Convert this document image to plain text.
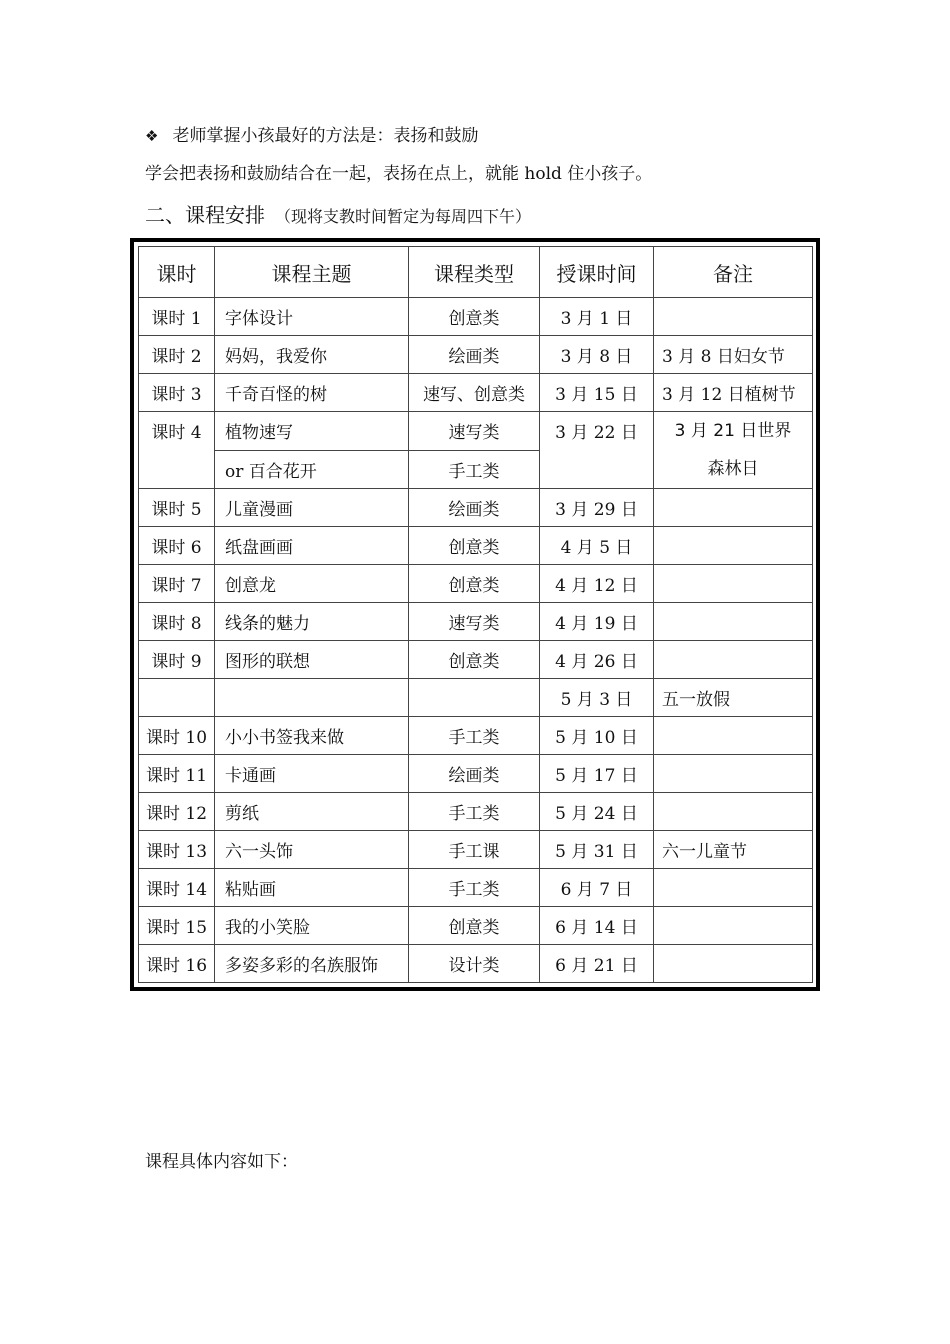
❖ 老师掌握小孩最好的方法是：表扬和鼓励
学会把表扬和鼓励结合在一起，表扬在点上，就能 hold 住小孩子。
二、课程安排 （现将支教时间暂定为每周四下午）
课时	课程主题	课程类型	授课时间	备注
课时 1	字体设计	创意类	3 月 1 日	
课时 2	妈妈，我爱你	绘画类	3 月 8 日	3 月 8 日妇女节
课时 3	千奇百怪的树	速写、创意类	3 月 15 日	3 月 12 日植树节
课时 4	植物速写	速写类	3 月 22 日	3 月 21 日世界
森林日

	or 百合花开	手工类		
课时 5	儿童漫画	绘画类	3 月 29 日	
课时 6	纸盘画画	创意类	4 月 5 日	
课时 7	创意龙	创意类	4 月 12 日	
课时 8	线条的魅力	速写类	4 月 19 日	
课时 9	图形的联想	创意类	4 月 26 日	
			5 月 3 日	五一放假
课时 10	小小书签我来做	手工类	5 月 10 日	
课时 11	卡通画	绘画类	5 月 17 日	
课时 12	剪纸	手工类	5 月 24 日	
课时 13	六一头饰	手工课	5 月 31 日	六一儿童节
课时 14	粘贴画	手工类	6 月 7 日	
课时 15	我的小笑脸	创意类	6 月 14 日	
课时 16	多姿多彩的名族服饰	设计类	6 月 21 日	
课程具体内容如下：
